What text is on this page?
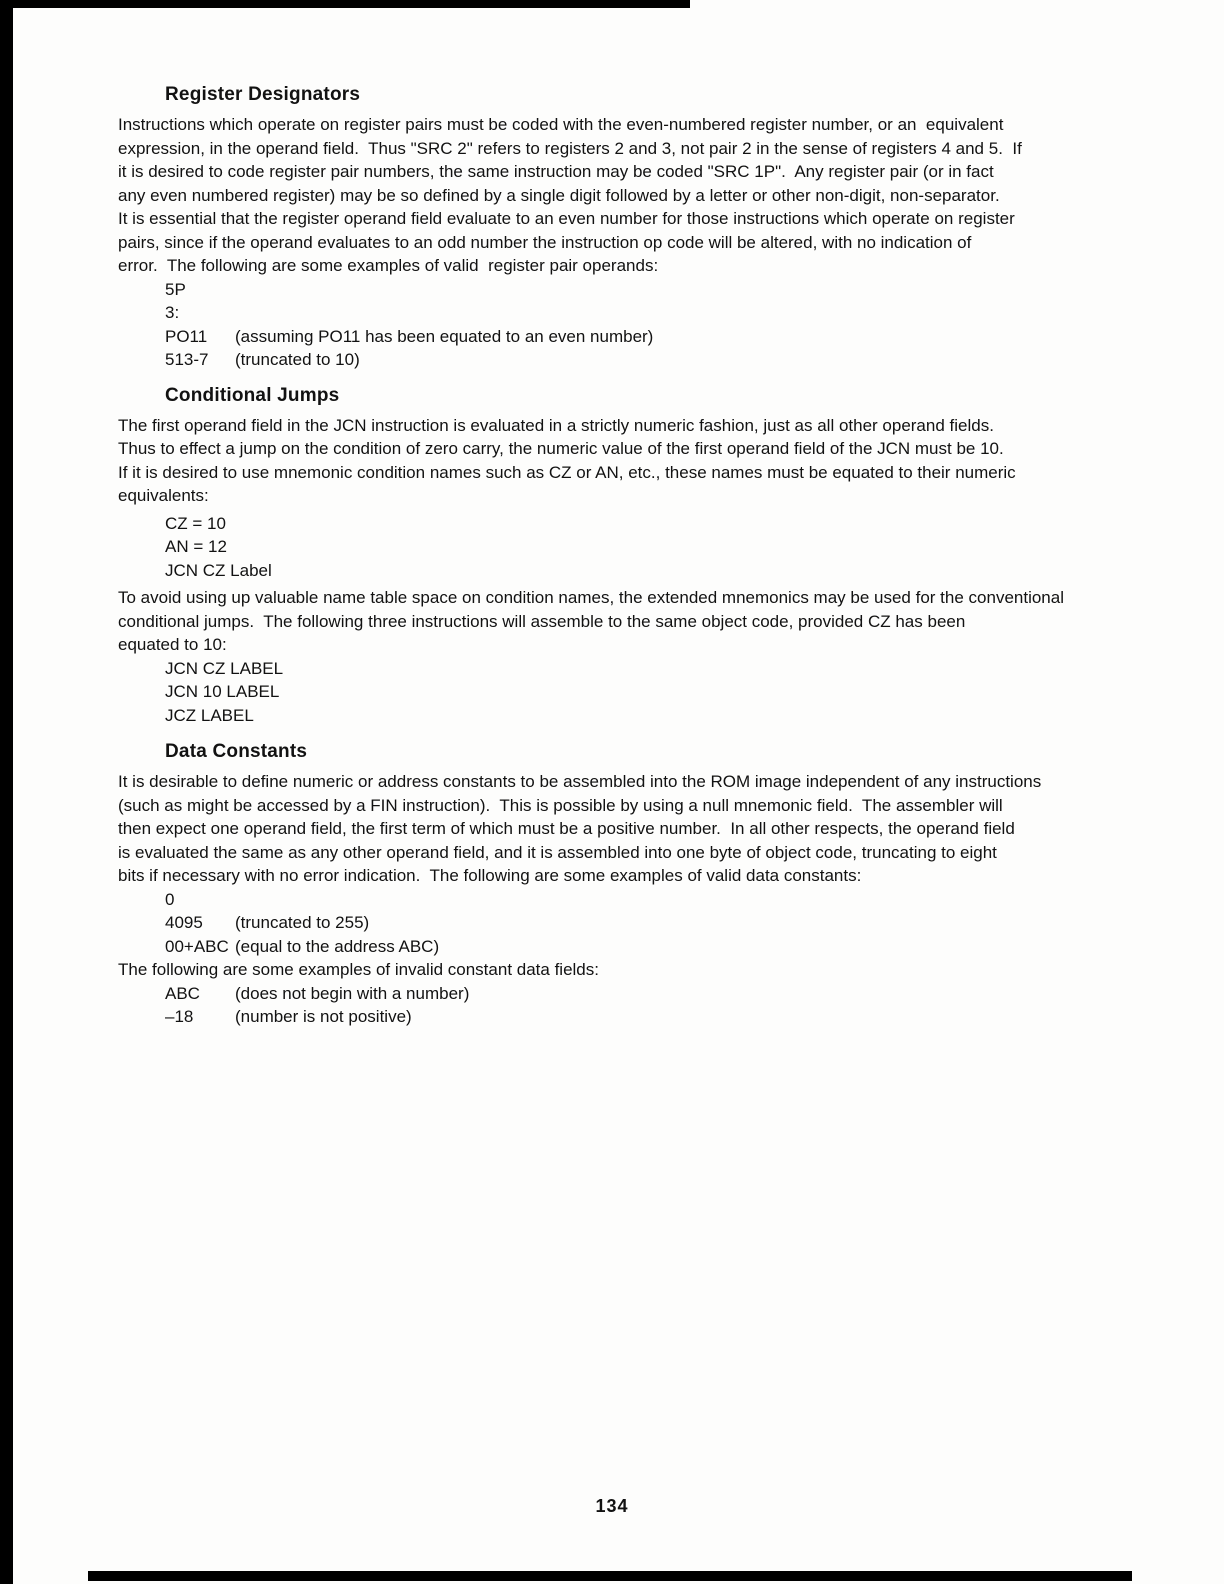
Register Designators
Instructions which operate on register pairs must be coded with the even-numbered register number, or an  equivalent
expression, in the operand field.  Thus "SRC 2" refers to registers 2 and 3, not pair 2 in the sense of registers 4 and 5.  If
it is desired to code register pair numbers, the same instruction may be coded "SRC 1P".  Any register pair (or in fact
any even numbered register) may be so defined by a single digit followed by a letter or other non-digit, non-separator.
It is essential that the register operand field evaluate to an even number for those instructions which operate on register
pairs, since if the operand evaluates to an odd number the instruction op code will be altered, with no indication of
error.  The following are some examples of valid  register pair operands:
5P
3:
PO11 (assuming PO11 has been equated to an even number)
513-7 (truncated to 10)
Conditional Jumps
The first operand field in the JCN instruction is evaluated in a strictly numeric fashion, just as all other operand fields.
Thus to effect a jump on the condition of zero carry, the numeric value of the first operand field of the JCN must be 10.
If it is desired to use mnemonic condition names such as CZ or AN, etc., these names must be equated to their numeric
equivalents:
CZ = 10
AN = 12
JCN CZ Label
To avoid using up valuable name table space on condition names, the extended mnemonics may be used for the conventional
conditional jumps.  The following three instructions will assemble to the same object code, provided CZ has been
equated to 10:
JCN CZ LABEL
JCN 10 LABEL
JCZ LABEL
Data Constants
It is desirable to define numeric or address constants to be assembled into the ROM image independent of any instructions
(such as might be accessed by a FIN instruction).  This is possible by using a null mnemonic field.  The assembler will
then expect one operand field, the first term of which must be a positive number.  In all other respects, the operand field
is evaluated the same as any other operand field, and it is assembled into one byte of object code, truncating to eight
bits if necessary with no error indication.  The following are some examples of valid data constants:
0
4095 (truncated to 255)
00+ABC (equal to the address ABC)
The following are some examples of invalid constant data fields:
ABC (does not begin with a number)
–18 (number is not positive)
134
